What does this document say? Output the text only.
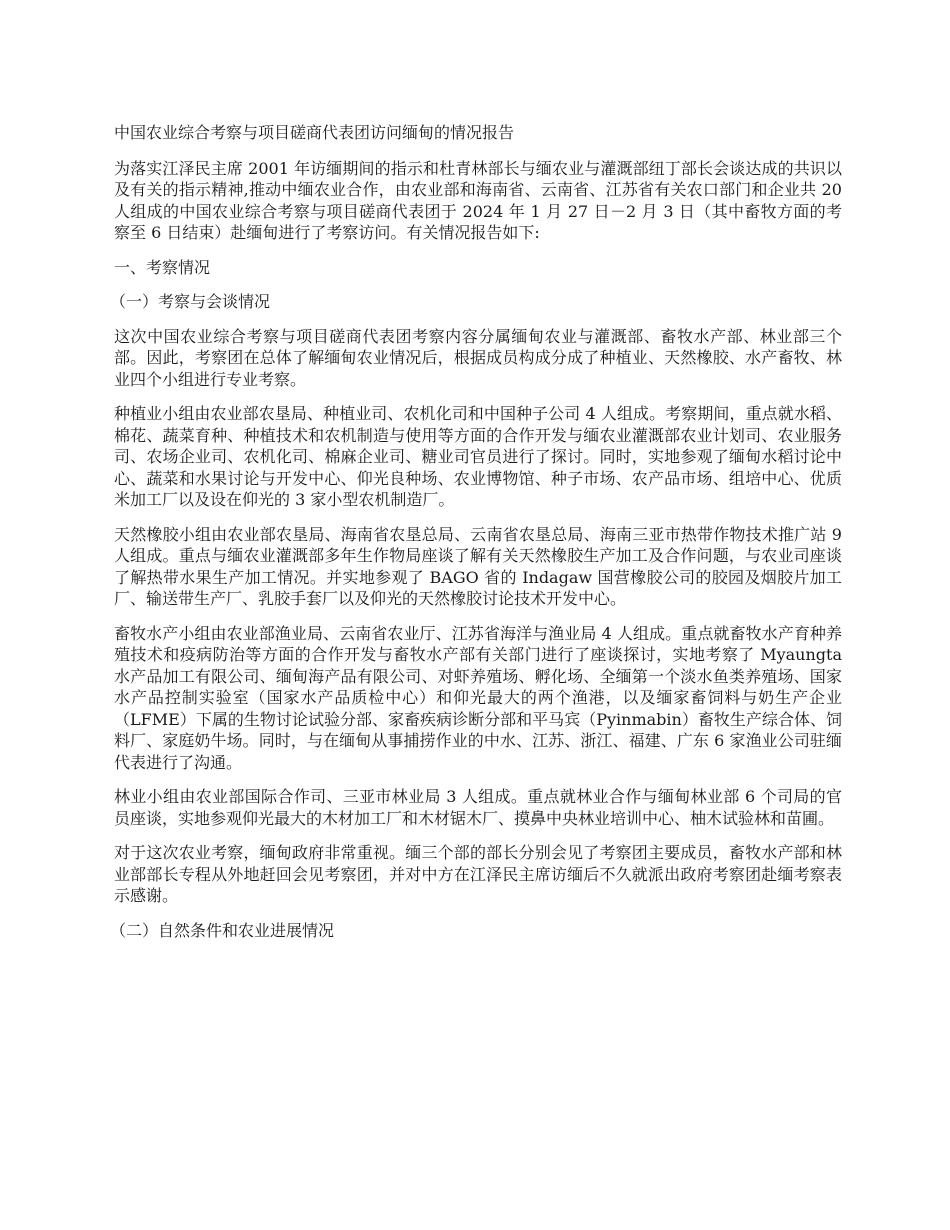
中国农业综合考察与项目磋商代表团访问缅甸的情况报告
为落实江泽民主席 2001 年访缅期间的指示和杜青林部长与缅农业与灌溉部纽丁部长会谈达成的共识以及有关的指示精神,推动中缅农业合作，由农业部和海南省、云南省、江苏省有关农口部门和企业共 20 人组成的中国农业综合考察与项目磋商代表团于 2024 年 1 月 27 日－2 月 3 日（其中畜牧方面的考察至 6 日结束）赴缅甸进行了考察访问。有关情况报告如下:
一、考察情况
（一）考察与会谈情况
这次中国农业综合考察与项目磋商代表团考察内容分属缅甸农业与灌溉部、畜牧水产部、林业部三个部。因此，考察团在总体了解缅甸农业情况后，根据成员构成分成了种植业、天然橡胶、水产畜牧、林业四个小组进行专业考察。
种植业小组由农业部农垦局、种植业司、农机化司和中国种子公司 4 人组成。考察期间，重点就水稻、棉花、蔬菜育种、种植技术和农机制造与使用等方面的合作开发与缅农业灌溉部农业计划司、农业服务司、农场企业司、农机化司、棉麻企业司、糖业司官员进行了探讨。同时，实地参观了缅甸水稻讨论中心、蔬菜和水果讨论与开发中心、仰光良种场、农业博物馆、种子市场、农产品市场、组培中心、优质米加工厂以及设在仰光的 3 家小型农机制造厂。
天然橡胶小组由农业部农垦局、海南省农垦总局、云南省农垦总局、海南三亚市热带作物技术推广站 9 人组成。重点与缅农业灌溉部多年生作物局座谈了解有关天然橡胶生产加工及合作问题，与农业司座谈了解热带水果生产加工情况。并实地参观了 BAGO 省的 Indagaw 国营橡胶公司的胶园及烟胶片加工厂、输送带生产厂、乳胶手套厂以及仰光的天然橡胶讨论技术开发中心。
畜牧水产小组由农业部渔业局、云南省农业厅、江苏省海洋与渔业局 4 人组成。重点就畜牧水产育种养殖技术和疫病防治等方面的合作开发与畜牧水产部有关部门进行了座谈探讨，实地考察了 Myaungta 水产品加工有限公司、缅甸海产品有限公司、对虾养殖场、孵化场、全缅第一个淡水鱼类养殖场、国家水产品控制实验室（国家水产品质检中心）和仰光最大的两个渔港，以及缅家畜饲料与奶生产企业（LFME）下属的生物讨论试验分部、家畜疾病诊断分部和平马宾（Pyinmabin）畜牧生产综合体、饲料厂、家庭奶牛场。同时，与在缅甸从事捕捞作业的中水、江苏、浙江、福建、广东 6 家渔业公司驻缅代表进行了沟通。
林业小组由农业部国际合作司、三亚市林业局 3 人组成。重点就林业合作与缅甸林业部 6 个司局的官员座谈，实地参观仰光最大的木材加工厂和木材锯木厂、摸鼻中央林业培训中心、柚木试验林和苗圃。
对于这次农业考察，缅甸政府非常重视。缅三个部的部长分别会见了考察团主要成员，畜牧水产部和林业部部长专程从外地赶回会见考察团，并对中方在江泽民主席访缅后不久就派出政府考察团赴缅考察表示感谢。
（二）自然条件和农业进展情况
